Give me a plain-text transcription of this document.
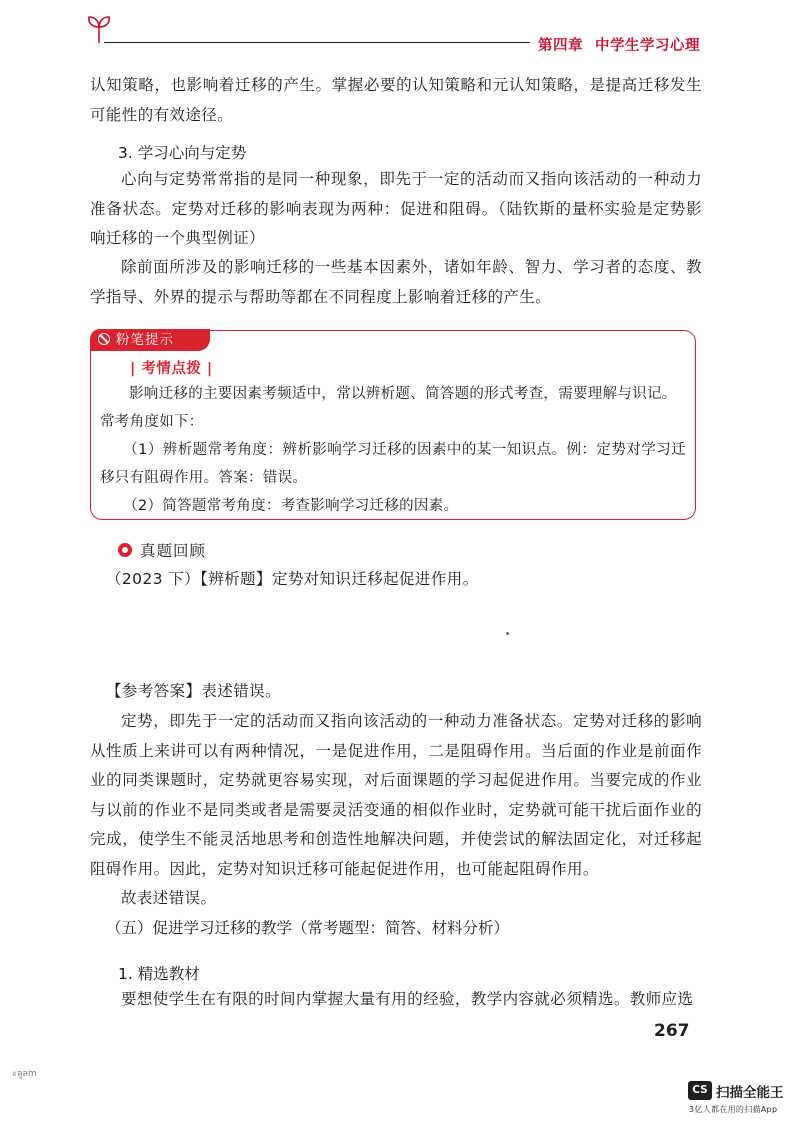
第四章 中学生学习心理
认知策略，也影响着迁移的产生。掌握必要的认知策略和元认知策略，是提高迁移发生可能性的有效途径。
3. 学习心向与定势
心向与定势常常指的是同一种现象，即先于一定的活动而又指向该活动的一种动力准备状态。定势对迁移的影响表现为两种：促进和阻碍。（陆钦斯的量杯实验是定势影响迁移的一个典型例证）
除前面所涉及的影响迁移的一些基本因素外，诸如年龄、智力、学习者的态度、教学指导、外界的提示与帮助等都在不同程度上影响着迁移的产生。
粉笔提示
| 考情点拨 |
影响迁移的主要因素考频适中，常以辨析题、简答题的形式考查，需要理解与识记。
常考角度如下：
（1）辨析题常考角度：辨析影响学习迁移的因素中的某一知识点。例：定势对学习迁移只有阻碍作用。答案：错误。
（2）简答题常考角度：考查影响学习迁移的因素。
真题回顾
（2023 下）【辨析题】定势对知识迁移起促进作用。
【参考答案】表述错误。
定势，即先于一定的活动而又指向该活动的一种动力准备状态。定势对迁移的影响从性质上来讲可以有两种情况，一是促进作用，二是阻碍作用。当后面的作业是前面作业的同类课题时，定势就更容易实现，对后面课题的学习起促进作用。当要完成的作业与以前的作业不是同类或者是需要灵活变通的相似作业时，定势就可能干扰后面作业的完成，使学生不能灵活地思考和创造性地解决问题，并使尝试的解法固定化，对迁移起阻碍作用。因此，定势对知识迁移可能起促进作用，也可能起阻碍作用。
故表述错误。
（五）促进学习迁移的教学（常考题型：简答、材料分析）
1. 精选教材
要想使学生在有限的时间内掌握大量有用的经验，教学内容就必须精选。教师应选
267
ะลูลm
CS 扫描全能王
3亿人都在用的扫描App
